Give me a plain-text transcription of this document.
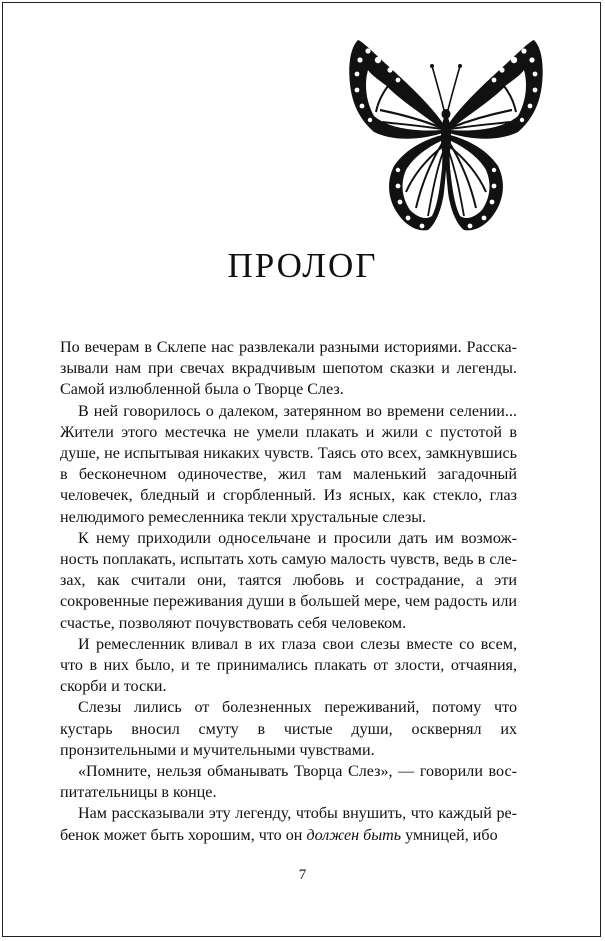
ПРОЛОГ

По вечерам в Склепе нас развлекали разными историями. Рассказывали нам при свечах вкрадчивым шепотом сказки и легенды. Самой излюбленной была о Творце Слез.

В ней говорилось о далеком, затерянном во времени селении... Жители этого местечка не умели плакать и жили с пустотой в душе, не испытывая никаких чувств. Таясь ото всех, замкнувшись в бесконечном одиночестве, жил там маленький загадочный человечек, бледный и сгорбленный. Из ясных, как стекло, глаз нелюдимого ремесленника текли хрустальные слезы.

К нему приходили односельчане и просили дать им возможность поплакать, испытать хоть самую малость чувств, ведь в слезах, как считали они, таятся любовь и сострадание, а эти сокровенные переживания души в большей мере, чем радость или счастье, позволяют почувствовать себя человеком.

И ремесленник вливал в их глаза свои слезы вместе со всем, что в них было, и те принимались плакать от злости, отчаяния, скорби и тоски.

Слезы лились от болезненных переживаний, потому что кустарь вносил смуту в чистые души, осквернял их пронзительными и мучительными чувствами.

«Помните, нельзя обманывать Творца Слез», — говорили воспитательницы в конце.

Нам рассказывали эту легенду, чтобы внушить, что каждый ребенок может быть хорошим, что он должен быть умницей, ибо

7
